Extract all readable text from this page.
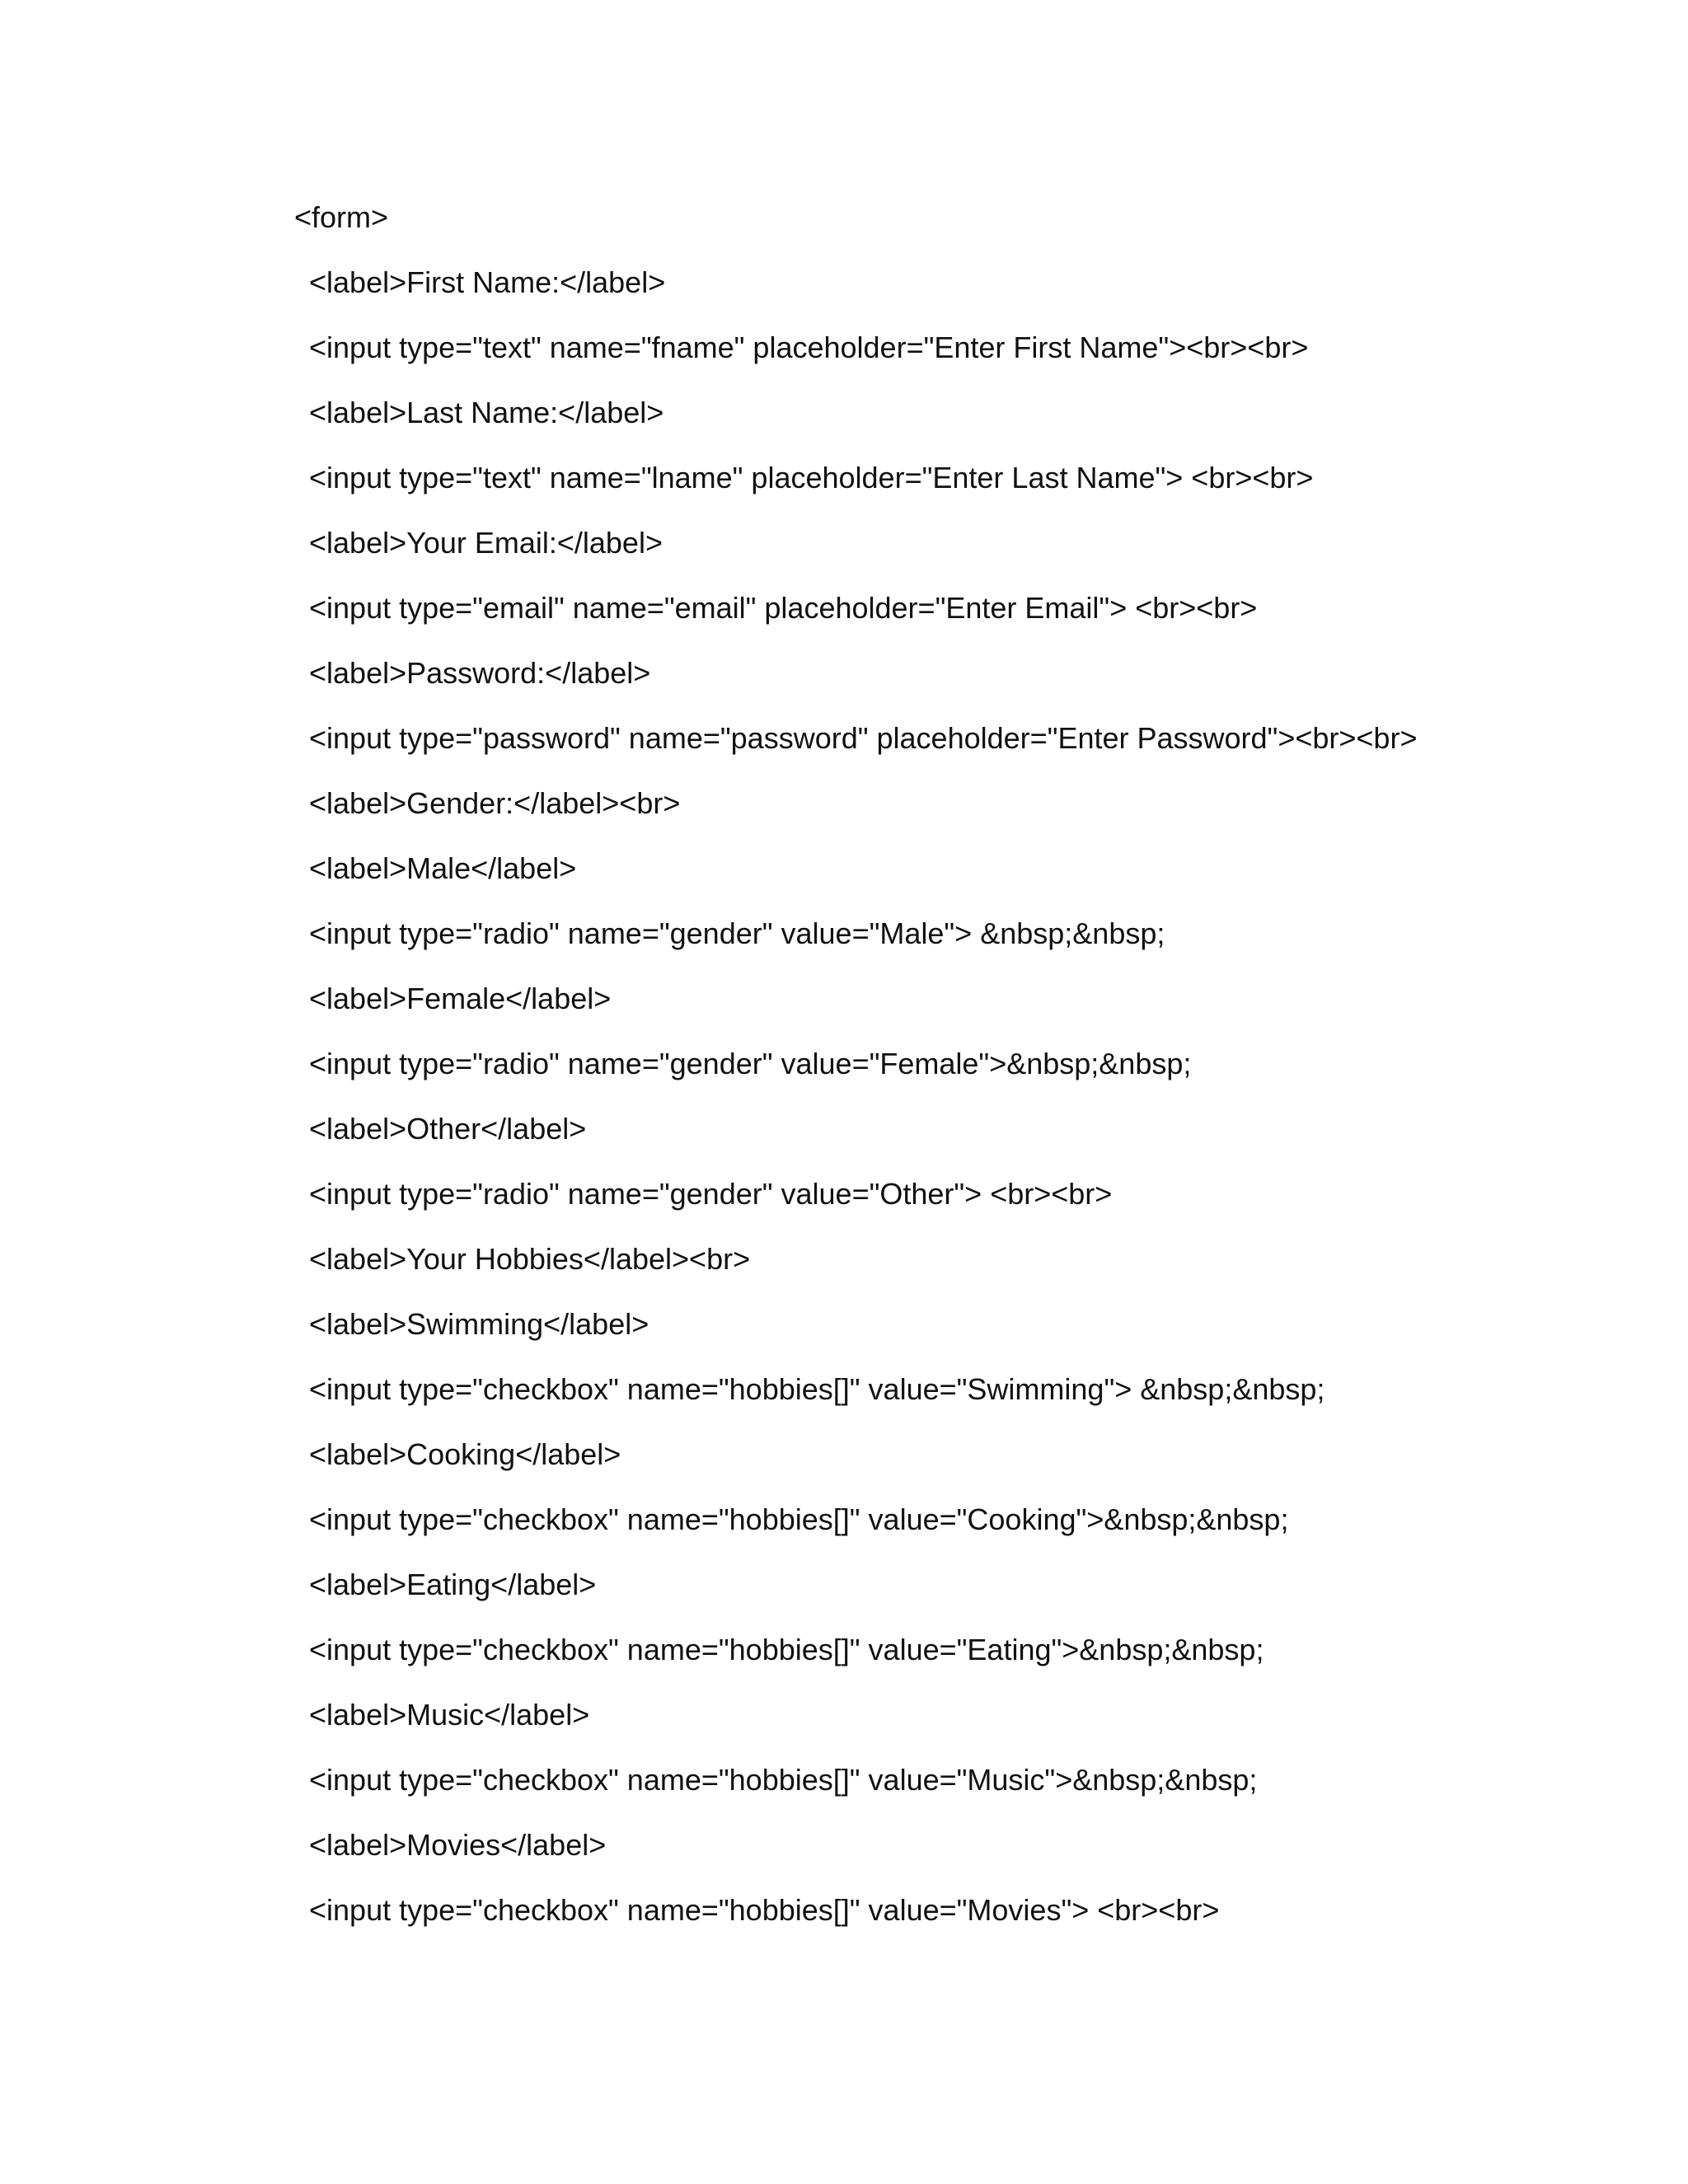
<form>
<label>First Name:</label>
<input type="text" name="fname" placeholder="Enter First Name"><br><br>
<label>Last Name:</label>
<input type="text" name="lname" placeholder="Enter Last Name"> <br><br>
<label>Your Email:</label>
<input type="email" name="email" placeholder="Enter Email"> <br><br>
<label>Password:</label>
<input type="password" name="password" placeholder="Enter Password"><br><br>
<label>Gender:</label><br>
<label>Male</label>
<input type="radio" name="gender" value="Male"> &nbsp;&nbsp;
<label>Female</label>
<input type="radio" name="gender" value="Female">&nbsp;&nbsp;
<label>Other</label>
<input type="radio" name="gender" value="Other"> <br><br>
<label>Your Hobbies</label><br>
<label>Swimming</label>
<input type="checkbox" name="hobbies[]" value="Swimming"> &nbsp;&nbsp;
<label>Cooking</label>
<input type="checkbox" name="hobbies[]" value="Cooking">&nbsp;&nbsp;
<label>Eating</label>
<input type="checkbox" name="hobbies[]" value="Eating">&nbsp;&nbsp;
<label>Music</label>
<input type="checkbox" name="hobbies[]" value="Music">&nbsp;&nbsp;
<label>Movies</label>
<input type="checkbox" name="hobbies[]" value="Movies"> <br><br>
